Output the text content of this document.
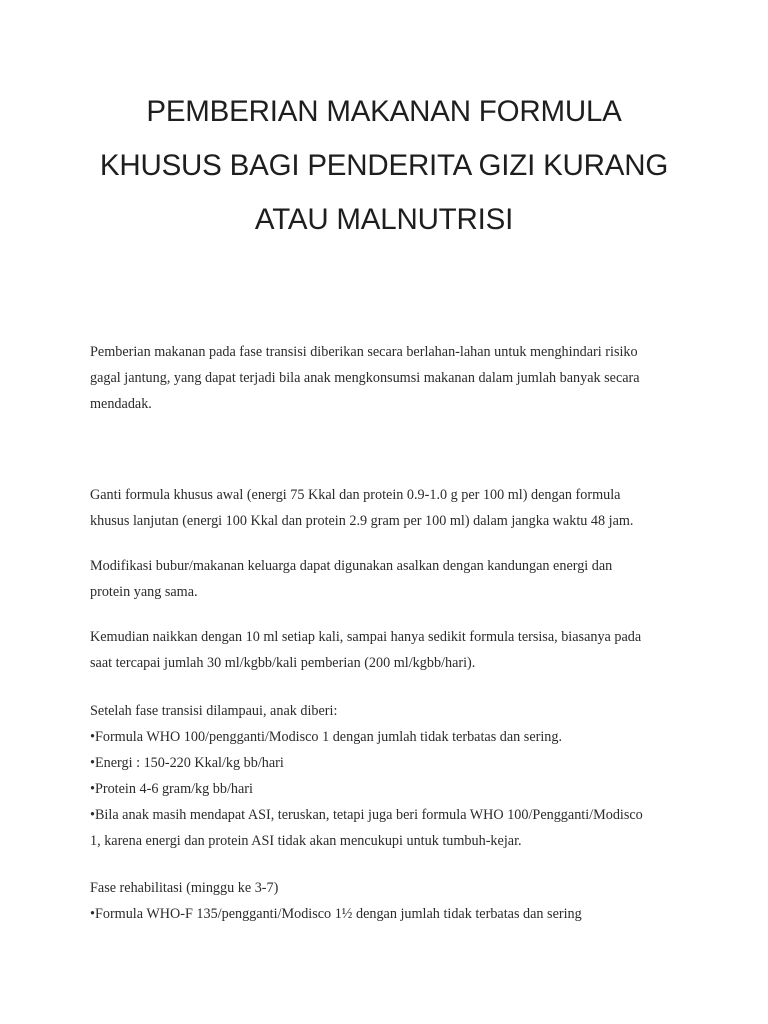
PEMBERIAN MAKANAN FORMULA
KHUSUS BAGI PENDERITA GIZI KURANG
ATAU MALNUTRISI
Pemberian makanan pada fase transisi diberikan secara berlahan-lahan untuk menghindari risiko
gagal jantung, yang dapat terjadi bila anak mengkonsumsi makanan dalam jumlah banyak secara
mendadak.
Ganti formula khusus awal (energi 75 Kkal dan protein 0.9-1.0 g per 100 ml) dengan formula
khusus lanjutan (energi 100 Kkal dan protein 2.9 gram per 100 ml) dalam jangka waktu 48 jam.
Modifikasi bubur/makanan keluarga dapat digunakan asalkan dengan kandungan energi dan
protein yang sama.
Kemudian naikkan dengan 10 ml setiap kali, sampai hanya sedikit formula tersisa, biasanya pada
saat tercapai jumlah 30 ml/kgbb/kali pemberian (200 ml/kgbb/hari).
Setelah fase transisi dilampaui, anak diberi:
•Formula WHO 100/pengganti/Modisco 1 dengan jumlah tidak terbatas dan sering.
•Energi : 150-220 Kkal/kg bb/hari
•Protein 4-6 gram/kg bb/hari
•Bila anak masih mendapat ASI, teruskan, tetapi juga beri formula WHO 100/Pengganti/Modisco
1, karena energi dan protein ASI tidak akan mencukupi untuk tumbuh-kejar.
Fase rehabilitasi (minggu ke 3-7)
•Formula WHO-F 135/pengganti/Modisco 1½ dengan jumlah tidak terbatas dan sering
